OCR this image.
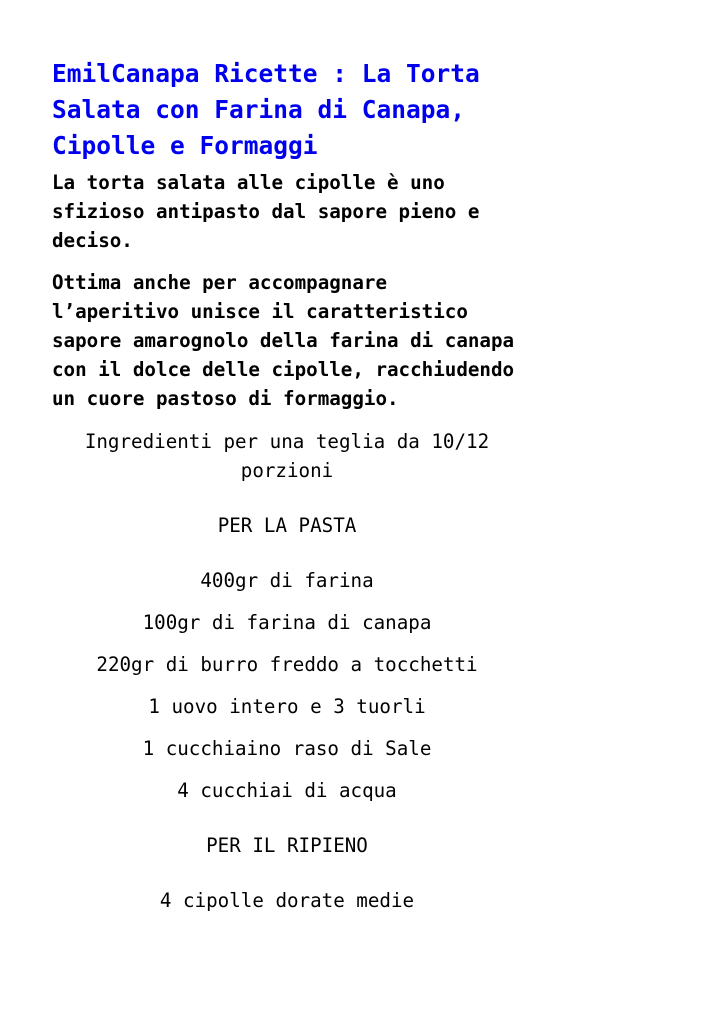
EmilCanapa Ricette : La Torta Salata con Farina di Canapa, Cipolle e Formaggi

La torta salata alle cipolle è uno sfizioso antipasto dal sapore pieno e deciso.

Ottima anche per accompagnare l’aperitivo unisce il caratteristico sapore amarognolo della farina di canapa con il dolce delle cipolle, racchiudendo un cuore pastoso di formaggio.

Ingredienti per una teglia da 10/12 porzioni

PER LA PASTA

400gr di farina

100gr di farina di canapa

220gr di burro freddo a tocchetti

1 uovo intero e 3 tuorli

1 cucchiaino raso di Sale

4 cucchiai di acqua

PER IL RIPIENO

4 cipolle dorate medie
